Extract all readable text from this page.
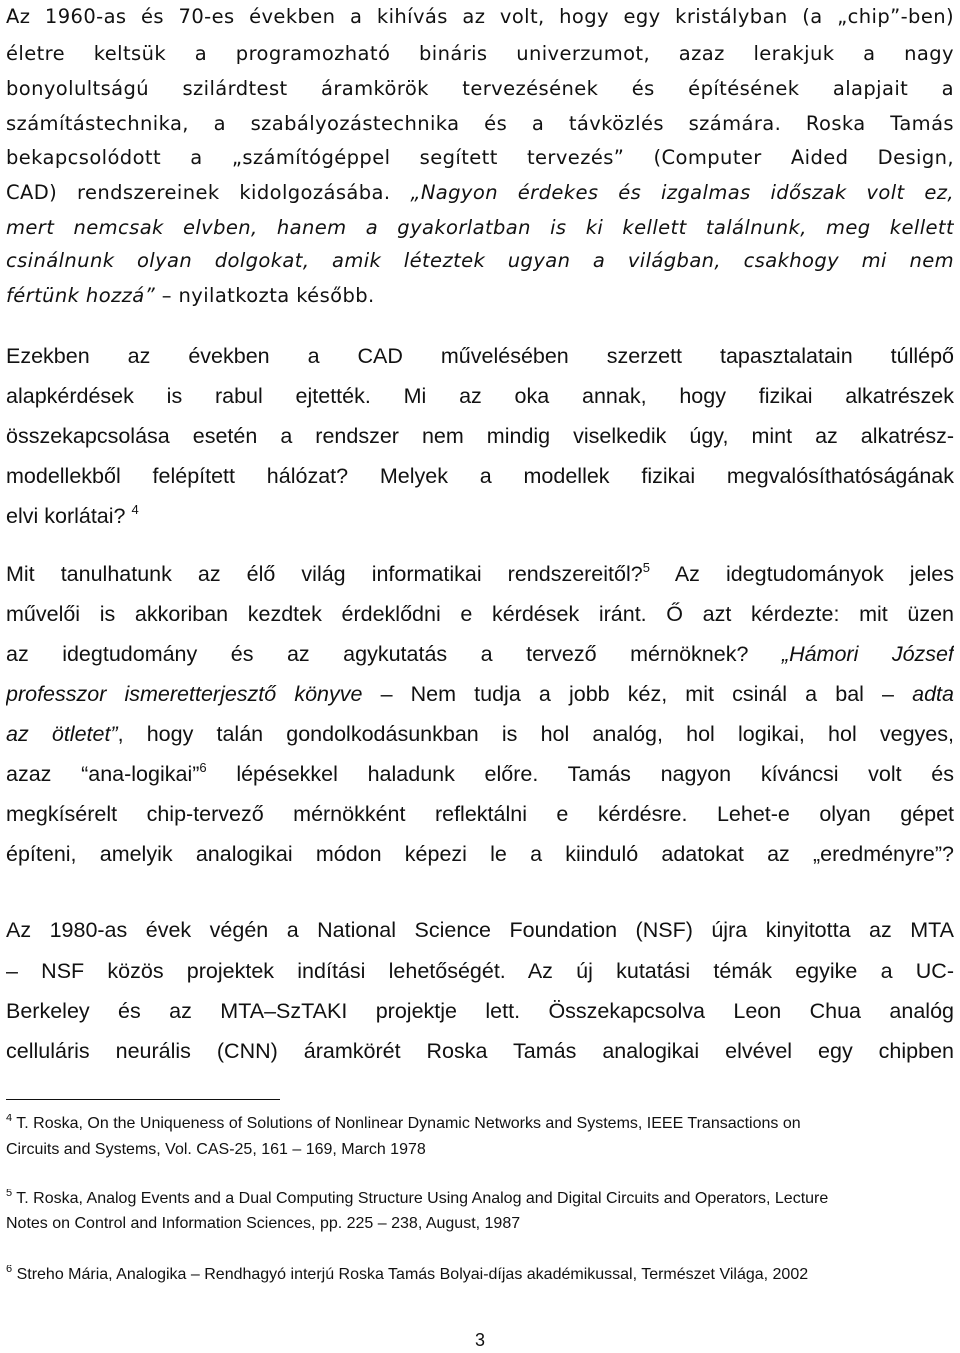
Az 1960-as és 70-es években a kihívás az volt, hogy egy kristályban (a „chip”-ben)
életre keltsük a programozható bináris univerzumot, azaz lerakjuk a nagy
bonyolultságú szilárdtest áramkörök tervezésének és építésének alapjait a
számítástechnika, a szabályozástechnika és a távközlés számára. Roska Tamás
bekapcsolódott a „számítógéppel segített tervezés” (Computer Aided Design,
CAD) rendszereinek kidolgozásába. „Nagyon érdekes és izgalmas időszak volt ez,
mert nemcsak elvben, hanem a gyakorlatban is ki kellett találnunk, meg kellett
csinálnunk olyan dolgokat, amik léteztek ugyan a világban, csakhogy mi nem
fértünk hozzá” – nyilatkozta később.
Ezekben az években a CAD művelésében szerzett tapasztalatain túllépő
alapkérdések is rabul ejtették. Mi az oka annak, hogy fizikai alkatrészek
összekapcsolása esetén a rendszer nem mindig viselkedik úgy, mint az alkatrész-
modellekből felépített hálózat? Melyek a modellek fizikai megvalósíthatóságának
elvi korlátai? $^4$
Mit tanulhatunk az élő világ informatikai rendszereitől?$^5$ Az idegtudományok jeles
művelői is akkoriban kezdtek érdeklődni e kérdések iránt. Ő azt kérdezte: mit üzen
az idegtudomány és az agykutatás a tervező mérnöknek? „Hámori József
professzor ismeretterjesztő könyve – Nem tudja a jobb kéz, mit csinál a bal – adta
az ötletet”, hogy talán gondolkodásunkban is hol analóg, hol logikai, hol vegyes,
azaz “ana-logikai”$^6$ lépésekkel haladunk előre. Tamás nagyon kíváncsi volt és
megkísérelt chip-tervező mérnökként reflektálni e kérdésre. Lehet-e olyan gépet
építeni, amelyik analogikai módon képezi le a kiinduló adatokat az „eredményre”?
Az 1980-as évek végén a National Science Foundation (NSF) újra kinyitotta az MTA
– NSF közös projektek indítási lehetőségét. Az új kutatási témák egyike a UC-
Berkeley és az MTA–SzTAKI projektje lett. Összekapcsolva Leon Chua analóg
celluláris neurális (CNN) áramkörét Roska Tamás analogikai elvével egy chipben
$^4$ T. Roska, On the Uniqueness of Solutions of Nonlinear Dynamic Networks and Systems, IEEE Transactions on
Circuits and Systems, Vol. CAS-25, 161 – 169, March 1978
$^5$ T. Roska, Analog Events and a Dual Computing Structure Using Analog and Digital Circuits and Operators, Lecture
Notes on Control and Information Sciences, pp. 225 – 238, August, 1987
$^6$ Streho Mária, Analogika – Rendhagyó interjú Roska Tamás Bolyai-díjas akadémikussal, Természet Világa, 2002
3
